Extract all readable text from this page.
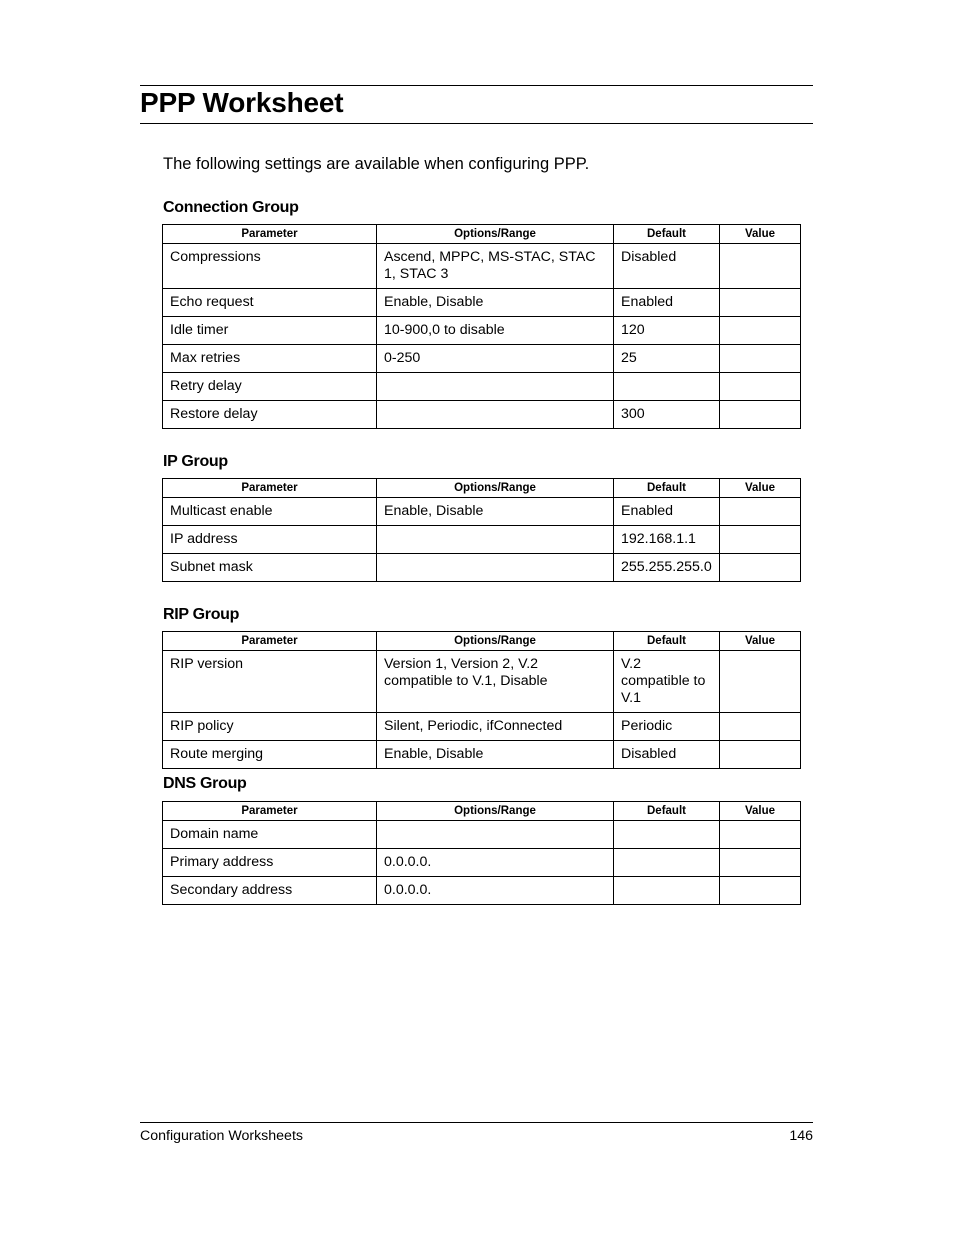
PPP Worksheet

The following settings are available when configuring PPP.

Connection Group
Parameter	Options/Range	Default	Value
Compressions	Ascend, MPPC, MS-STAC, STAC 1, STAC 3	Disabled	
Echo request	Enable, Disable	Enabled	
Idle timer	10-900,0 to disable	120	
Max retries	0-250	25	
Retry delay			
Restore delay		300	
IP Group
Parameter	Options/Range	Default	Value
Multicast enable	Enable, Disable	Enabled	
IP address		192.168.1.1	
Subnet mask		255.255.255.0	
RIP Group
Parameter	Options/Range	Default	Value
RIP version	Version 1, Version 2, V.2 compatible to V.1, Disable	V.2 compatible to V.1	
RIP policy	Silent, Periodic, ifConnected	Periodic	
Route merging	Enable, Disable	Disabled	
DNS Group
Parameter	Options/Range	Default	Value
Domain name			
Primary address	0.0.0.0.		
Secondary address	0.0.0.0.		
Configuration Worksheets	146
